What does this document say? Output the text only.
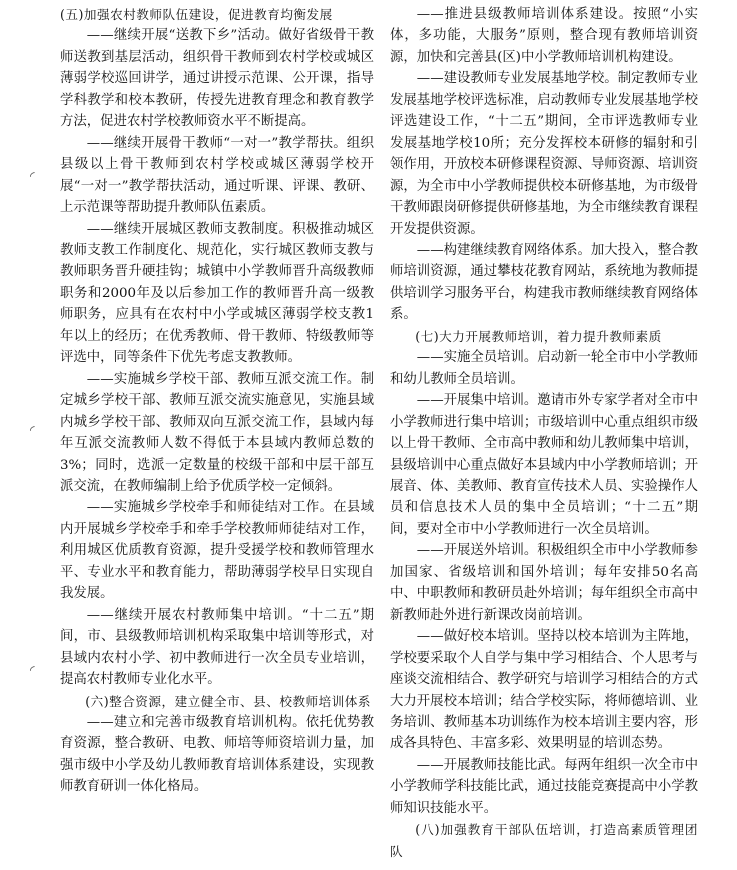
◜
◜
◜

(五)加强农村教师队伍建设，促进教育均衡发展

——继续开展“送教下乡”活动。做好省级骨干教师送教到基层活动，组织骨干教师到农村学校或城区薄弱学校巡回讲学，通过讲授示范课、公开课，指导学科教学和校本教研，传授先进教育理念和教育教学方法，促进农村学校教师资水平不断提高。

——继续开展骨干教师“一对一”教学帮扶。组织县级以上骨干教师到农村学校或城区薄弱学校开展“一对一”教学帮扶活动，通过听课、评课、教研、上示范课等帮助提升教师队伍素质。

——继续开展城区教师支教制度。积极推动城区教师支教工作制度化、规范化，实行城区教师支教与教师职务晋升硬挂钩；城镇中小学教师晋升高级教师职务和2000年及以后参加工作的教师晋升高一级教师职务，应具有在农村中小学或城区薄弱学校支教1年以上的经历；在优秀教师、骨干教师、特级教师等评选中，同等条件下优先考虑支教教师。

——实施城乡学校干部、教师互派交流工作。制定城乡学校干部、教师互派交流实施意见，实施县域内城乡学校干部、教师双向互派交流工作，县域内每年互派交流教师人数不得低于本县域内教师总数的3%；同时，选派一定数量的校级干部和中层干部互派交流，在教师编制上给予优质学校一定倾斜。

——实施城乡学校牵手和师徒结对工作。在县域内开展城乡学校牵手和牵手学校教师师徒结对工作，利用城区优质教育资源，提升受援学校和教师管理水平、专业水平和教育能力，帮助薄弱学校早日实现自我发展。

——继续开展农村教师集中培训。“十二五”期间，市、县级教师培训机构采取集中培训等形式，对县域内农村小学、初中教师进行一次全员专业培训，提高农村教师专业化水平。

(六)整合资源，建立健全市、县、校教师培训体系

——建立和完善市级教育培训机构。依托优势教育资源，整合教研、电教、师培等师资培训力量，加强市级中小学及幼儿教师教育培训体系建设，实现教师教育研训一体化格局。

——推进县级教师培训体系建设。按照“小实体，多功能，大服务”原则，整合现有教师培训资源，加快和完善县(区)中小学教师培训机构建设。

——建设教师专业发展基地学校。制定教师专业发展基地学校评选标准，启动教师专业发展基地学校评选建设工作，“十二五”期间，全市评选教师专业发展基地学校10所；充分发挥校本研修的辐射和引领作用，开放校本研修课程资源、导师资源、培训资源，为全市中小学教师提供校本研修基地，为市级骨干教师跟岗研修提供研修基地，为全市继续教育课程开发提供资源。

——构建继续教育网络体系。加大投入，整合教师培训资源，通过攀枝花教育网站，系统地为教师提供培训学习服务平台，构建我市教师继续教育网络体系。

(七)大力开展教师培训，着力提升教师素质

——实施全员培训。启动新一轮全市中小学教师和幼儿教师全员培训。

——开展集中培训。邀请市外专家学者对全市中小学教师进行集中培训；市级培训中心重点组织市级以上骨干教师、全市高中教师和幼儿教师集中培训，县级培训中心重点做好本县域内中小学教师培训；开展音、体、美教师、教育宣传技术人员、实验操作人员和信息技术人员的集中全员培训；“十二五”期间，要对全市中小学教师进行一次全员培训。

——开展送外培训。积极组织全市中小学教师参加国家、省级培训和国外培训；每年安排50名高中、中职教师和教研员赴外培训；每年组织全市高中新教师赴外进行新课改岗前培训。

——做好校本培训。坚持以校本培训为主阵地，学校要采取个人自学与集中学习相结合、个人思考与座谈交流相结合、教学研究与培训学习相结合的方式大力开展校本培训；结合学校实际，将师德培训、业务培训、教师基本功训练作为校本培训主要内容，形成各具特色、丰富多彩、效果明显的培训态势。

——开展教师技能比武。每两年组织一次全市中小学教师学科技能比武，通过技能竞赛提高中小学教师知识技能水平。

(八)加强教育干部队伍培训，打造高素质管理团队
